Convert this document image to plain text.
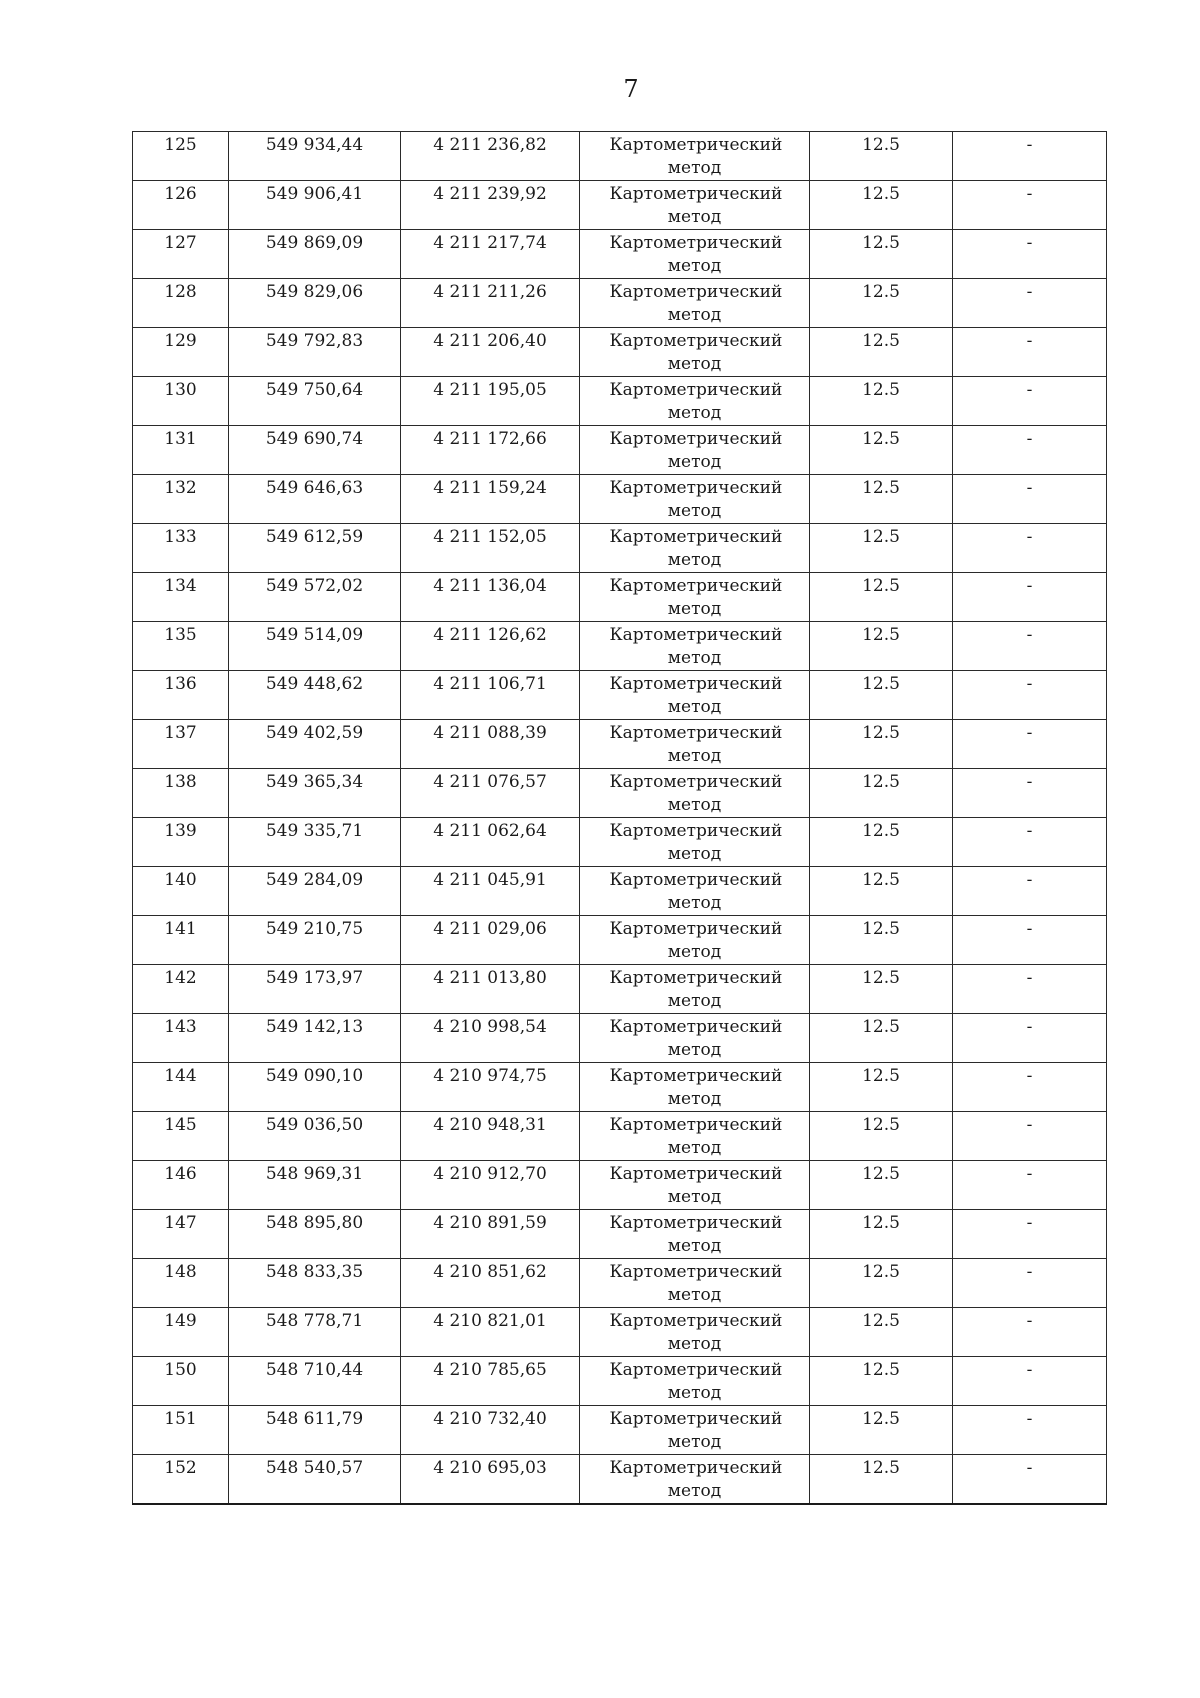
7
125	549 934,44	4 211 236,82	Картометрический метод	12.5	-
126	549 906,41	4 211 239,92	Картометрический метод	12.5	-
127	549 869,09	4 211 217,74	Картометрический метод	12.5	-
128	549 829,06	4 211 211,26	Картометрический метод	12.5	-
129	549 792,83	4 211 206,40	Картометрический метод	12.5	-
130	549 750,64	4 211 195,05	Картометрический метод	12.5	-
131	549 690,74	4 211 172,66	Картометрический метод	12.5	-
132	549 646,63	4 211 159,24	Картометрический метод	12.5	-
133	549 612,59	4 211 152,05	Картометрический метод	12.5	-
134	549 572,02	4 211 136,04	Картометрический метод	12.5	-
135	549 514,09	4 211 126,62	Картометрический метод	12.5	-
136	549 448,62	4 211 106,71	Картометрический метод	12.5	-
137	549 402,59	4 211 088,39	Картометрический метод	12.5	-
138	549 365,34	4 211 076,57	Картометрический метод	12.5	-
139	549 335,71	4 211 062,64	Картометрический метод	12.5	-
140	549 284,09	4 211 045,91	Картометрический метод	12.5	-
141	549 210,75	4 211 029,06	Картометрический метод	12.5	-
142	549 173,97	4 211 013,80	Картометрический метод	12.5	-
143	549 142,13	4 210 998,54	Картометрический метод	12.5	-
144	549 090,10	4 210 974,75	Картометрический метод	12.5	-
145	549 036,50	4 210 948,31	Картометрический метод	12.5	-
146	548 969,31	4 210 912,70	Картометрический метод	12.5	-
147	548 895,80	4 210 891,59	Картометрический метод	12.5	-
148	548 833,35	4 210 851,62	Картометрический метод	12.5	-
149	548 778,71	4 210 821,01	Картометрический метод	12.5	-
150	548 710,44	4 210 785,65	Картометрический метод	12.5	-
151	548 611,79	4 210 732,40	Картометрический метод	12.5	-
152	548 540,57	4 210 695,03	Картометрический метод	12.5	-
